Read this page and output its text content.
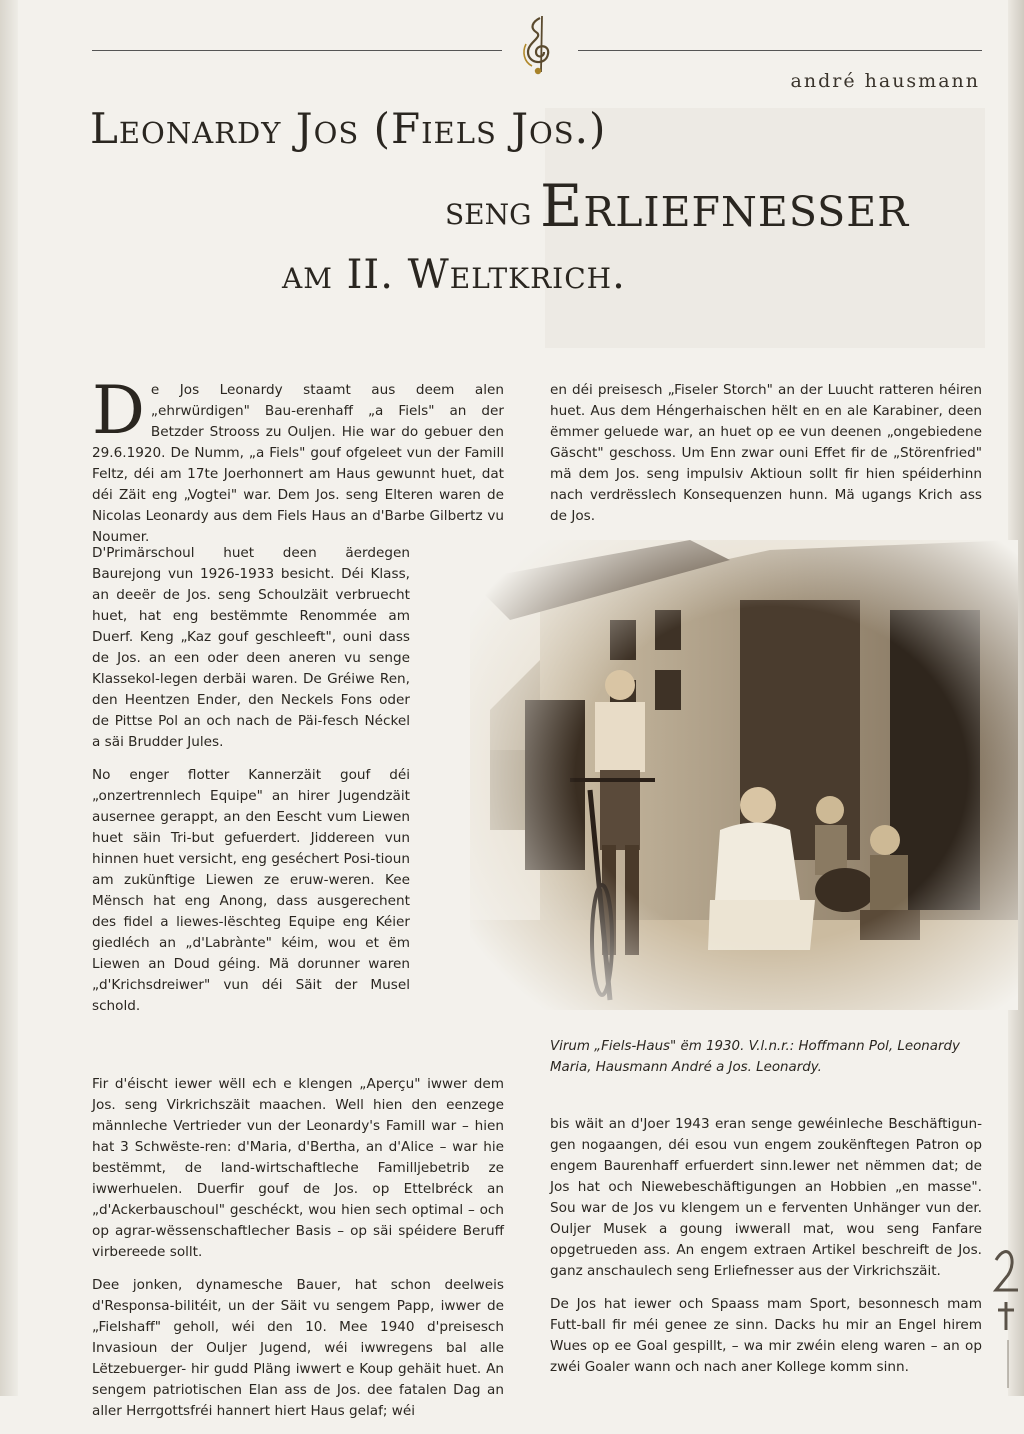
andré hausmann
Leonardy Jos (Fiels Jos.)
seng Erliefnesser
am II. Weltkrich.

De Jos Leonardy staamt aus deem alen „ehrwürdigen" Bau-erenhaff „a Fiels" an der Betzder Strooss zu Ouljen. Hie war do gebuer den 29.6.1920. De Numm, „a Fiels" gouf ofgeleet vun der Famill Feltz, déi am 17te Joerhonnert am Haus gewunnt huet, dat déi Zäit eng „Vogtei" war. Dem Jos. seng Elteren waren de Nicolas Leonardy aus dem Fiels Haus an d'Barbe Gilbertz vu Noumer.

D'Primärschoul huet deen äerdegen Baurejong vun 1926-1933 besicht. Déi Klass, an deeër de Jos. seng Schoulzäit verbruecht huet, hat eng bestëmmte Renommée am Duerf. Keng „Kaz gouf geschleeft", ouni dass de Jos. an een oder deen aneren vu senge Klassekol-legen derbäi waren. De Gréiwe Ren, den Heentzen Ender, den Neckels Fons oder de Pittse Pol an och nach de Päi-fesch Néckel a säi Brudder Jules.

No enger flotter Kannerzäit gouf déi „onzertrennlech Equipe" an hirer Jugendzäit ausernee gerappt, an den Eescht vum Liewen huet säin Tri-but gefuerdert. Jiddereen vun hinnen huet versicht, eng geséchert Posi-tioun am zukünftige Liewen ze eruw-weren. Kee Mënsch hat eng Anong, dass ausgerechent des fidel a liewes-lëschteg Equipe eng Kéier giedléch an „d'Labrànte" kéim, wou et ëm Liewen an Doud géing. Mä dorunner waren „d'Krichsdreiwer" vun déi Säit der Musel schold.

Fir d'éischt iewer wëll ech e klengen „Aperçu" iwwer dem Jos. seng Virkrichszäit maachen. Well hien den eenzege männleche Vertrieder vun der Leonardy's Famill war – hien hat 3 Schwëste-ren: d'Maria, d'Bertha, an d'Alice – war hie bestëmmt, de land-wirtschaftleche Famillјebetrib ze iwwerhuelen. Duerfir gouf de Jos. op Ettelbréck an „d'Ackerbauschoul" geschéckt, wou hien sech optimal – och op agrar-wëssenschaftlecher Basis – op säi spéidere Beruff virbereede sollt.

Dee jonken, dynamesche Bauer, hat schon deelweis d'Responsa-bilitéit, un der Säit vu sengem Papp, iwwer de „Fielshaff" geholl, wéi den 10. Mee 1940 d'preisesch Invasioun der Ouljer Jugend, wéi iwwregens bal alle Lëtzebuerger- hir gudd Pläng iwwert e Koup gehäit huet. An sengem patriotischen Elan ass de Jos. dee fatalen Dag an aller Herrgottsfréi hannert hiert Haus gelaf; wéi

en déi preisesch „Fiseler Storch" an der Luucht ratteren héiren huet. Aus dem Héngerhaischen hëlt en en ale Karabiner, deen ëmmer geluede war, an huet op ee vun deenen „ongebiedene Gäscht" geschoss. Um Enn zwar ouni Effet fir de „Störenfried" mä dem Jos. seng impulsiv Aktioun sollt fir hien spéiderhinn nach verdrësslech Konsequenzen hunn. Mä ugangs Krich ass de Jos.

Virum „Fiels-Haus" ëm 1930. V.l.n.r.: Hoffmann Pol, Leonardy Maria, Hausmann André a Jos. Leonardy.

bis wäit an d'Joer 1943 eran senge gewéinleche Beschäftigun-gen nogaangen, déi esou vun engem zoukënftegen Patron op engem Baurenhaff erfuerdert sinn.Iewer net nëmmen dat; de Jos hat och Niewebeschäftigungen an Hobbien „en masse". Sou war de Jos vu klengem un e ferventen Unhänger vun der. Ouljer Musek a goung iwwerall mat, wou seng Fanfare opgetrueden ass. An engem extraen Artikel beschreift de Jos. ganz anschaulech seng Erliefnesser aus der Virkrichszäit.

De Jos hat iewer och Spaass mam Sport, besonnesch mam Futt-ball fir méi genee ze sinn. Dacks hu mir an Engel hirem Wues op ee Goal gespillt, – wa mir zwéin eleng waren – an op zwéi Goaler wann och nach aner Kollege komm sinn.
